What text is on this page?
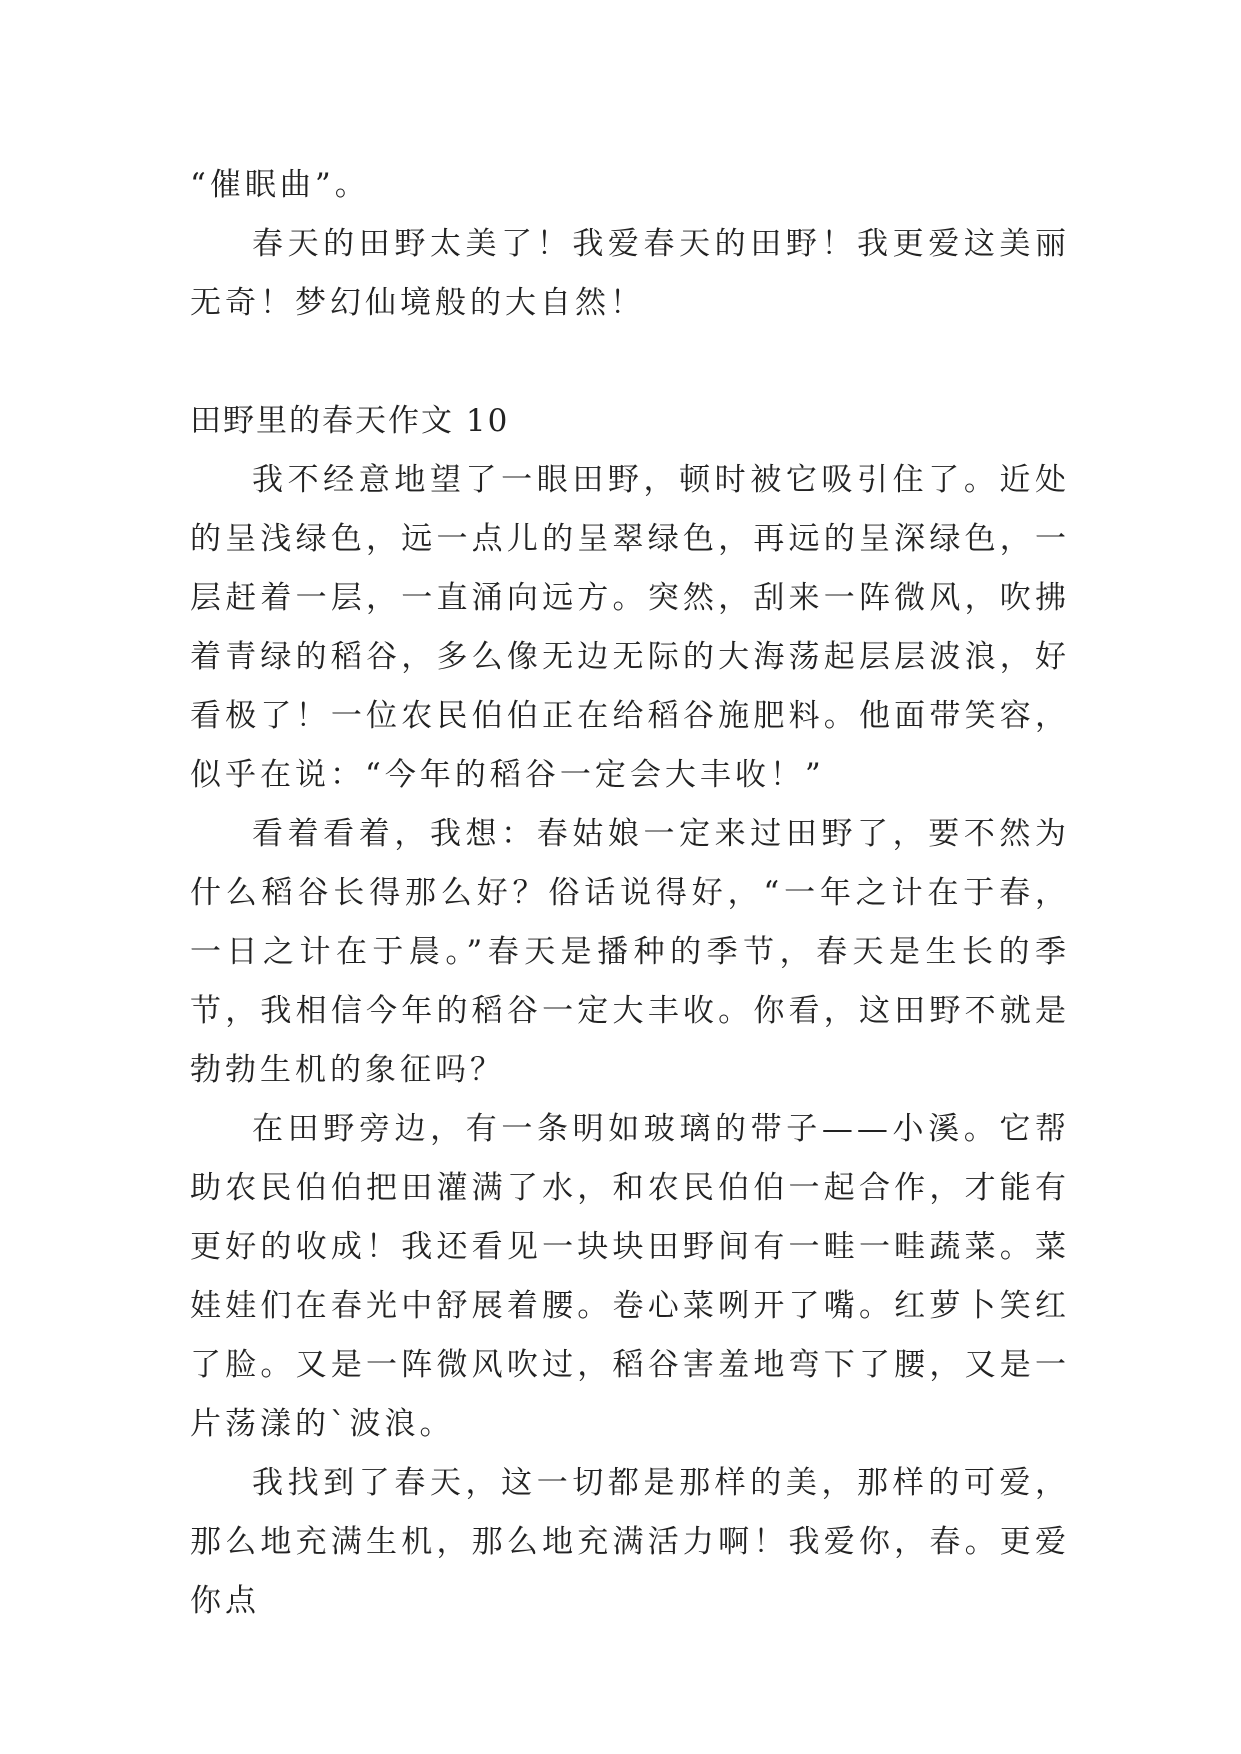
“催眠曲”。

春天的田野太美了！我爱春天的田野！我更爱这美丽无奇！梦幻仙境般的大自然！

田野里的春天作文 10

我不经意地望了一眼田野，顿时被它吸引住了。近处的呈浅绿色，远一点儿的呈翠绿色，再远的呈深绿色，一层赶着一层，一直涌向远方。突然，刮来一阵微风，吹拂着青绿的稻谷，多么像无边无际的大海荡起层层波浪，好看极了！一位农民伯伯正在给稻谷施肥料。他面带笑容，似乎在说：“今年的稻谷一定会大丰收！”

看着看着，我想：春姑娘一定来过田野了，要不然为什么稻谷长得那么好？俗话说得好，“一年之计在于春，一日之计在于晨。”春天是播种的季节，春天是生长的季节，我相信今年的稻谷一定大丰收。你看，这田野不就是勃勃生机的象征吗？

在田野旁边，有一条明如玻璃的带子——小溪。它帮助农民伯伯把田灌满了水，和农民伯伯一起合作，才能有更好的收成！我还看见一块块田野间有一畦一畦蔬菜。菜娃娃们在春光中舒展着腰。卷心菜咧开了嘴。红萝卜笑红了脸。又是一阵微风吹过，稻谷害羞地弯下了腰，又是一片荡漾的`波浪。

我找到了春天，这一切都是那样的美，那样的可爱，那么地充满生机，那么地充满活力啊！我爱你，春。更爱你点
